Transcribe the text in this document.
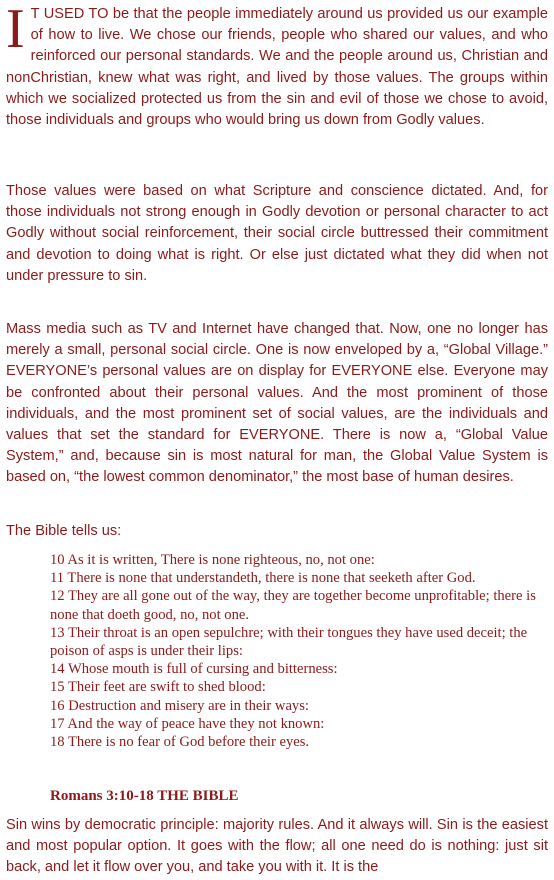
I T USED TO be that the people immediately around us provided us our example of how to live. We chose our friends, people who shared our values, and who reinforced our personal standards. We and the people around us, Christian and nonChristian, knew what was right, and lived by those values. The groups within which we socialized protected us from the sin and evil of those we chose to avoid, those individuals and groups who would bring us down from Godly values.

Those values were based on what Scripture and conscience dictated. And, for those individuals not strong enough in Godly devotion or personal character to act Godly without social reinforcement, their social circle buttressed their commitment and devotion to doing what is right. Or else just dictated what they did when not under pressure to sin.

Mass media such as TV and Internet have changed that. Now, one no longer has merely a small, personal social circle. One is now enveloped by a, “Global Village.” EVERYONE’s personal values are on display for EVERYONE else. Everyone may be confronted about their personal values. And the most prominent of those individuals, and the most prominent set of social values, are the individuals and values that set the standard for EVERYONE. There is now a, “Global Value System,” and, because sin is most natural for man, the Global Value System is based on, “the lowest common denominator,” the most base of human desires.

The Bible tells us:

10 As it is written, There is none righteous, no, not one:
11 There is none that understandeth, there is none that seeketh after God.
12 They are all gone out of the way, they are together become unprofitable; there is none that doeth good, no, not one.
13 Their throat is an open sepulchre; with their tongues they have used deceit; the poison of asps is under their lips:
14 Whose mouth is full of cursing and bitterness:
15 Their feet are swift to shed blood:
16 Destruction and misery are in their ways:
17 And the way of peace have they not known:
18 There is no fear of God before their eyes.

Romans 3:10-18 THE BIBLE

Sin wins by democratic principle: majority rules. And it always will. Sin is the easiest and most popular option. It goes with the flow; all one need do is nothing: just sit back, and let it flow over you, and take you with it. It is the
